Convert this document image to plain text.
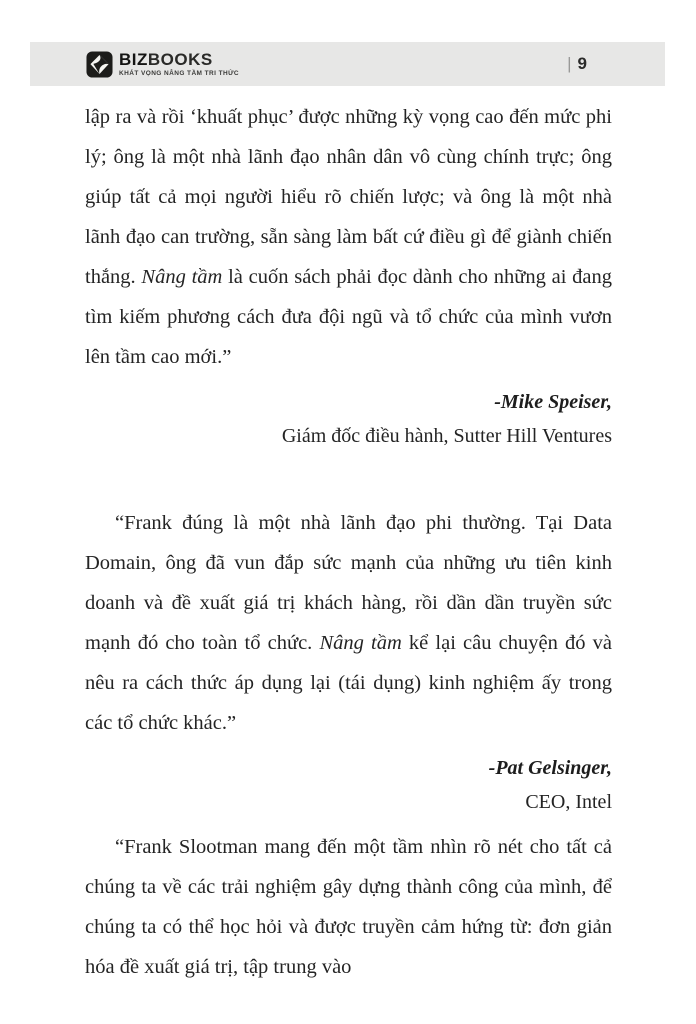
BIZBOOKS
KHÁT VỌNG NÂNG TẦM TRI THỨC
| 9

lập ra và rồi ‘khuất phục’ được những kỳ vọng cao đến mức phi lý; ông là một nhà lãnh đạo nhân dân vô cùng chính trực; ông giúp tất cả mọi người hiểu rõ chiến lược; và ông là một nhà lãnh đạo can trường, sẵn sàng làm bất cứ điều gì để giành chiến thắng. Nâng tầm là cuốn sách phải đọc dành cho những ai đang tìm kiếm phương cách đưa đội ngũ và tổ chức của mình vươn lên tầm cao mới.”

-Mike Speiser,

Giám đốc điều hành, Sutter Hill Ventures

“Frank đúng là một nhà lãnh đạo phi thường. Tại Data Domain, ông đã vun đắp sức mạnh của những ưu tiên kinh doanh và đề xuất giá trị khách hàng, rồi dần dần truyền sức mạnh đó cho toàn tổ chức. Nâng tầm kể lại câu chuyện đó và nêu ra cách thức áp dụng lại (tái dụng) kinh nghiệm ấy trong các tổ chức khác.”

-Pat Gelsinger,

CEO, Intel

“Frank Slootman mang đến một tầm nhìn rõ nét cho tất cả chúng ta về các trải nghiệm gây dựng thành công của mình, để chúng ta có thể học hỏi và được truyền cảm hứng từ: đơn giản hóa đề xuất giá trị, tập trung vào
